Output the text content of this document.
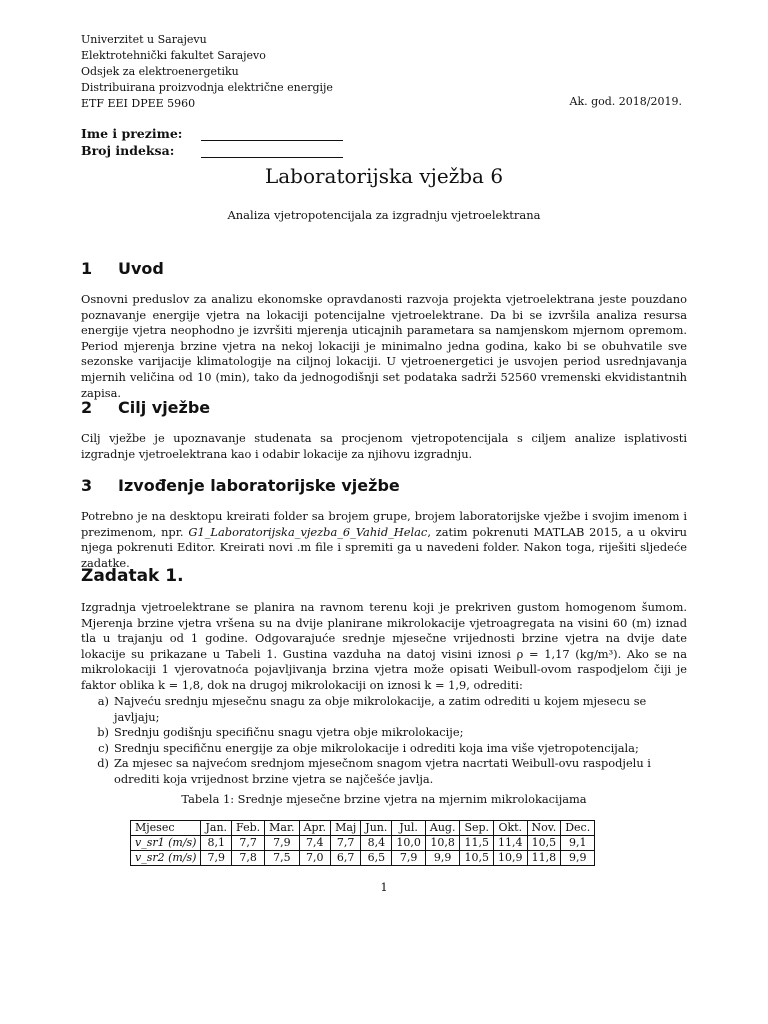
Univerzitet u Sarajevu
Elektrotehnički fakultet Sarajevo
Odsjek za elektroenergetiku
Distribuirana proizvodnja električne energije
ETF EEI DPEE 5960	Ak. god. 2018/2019.
Ime i prezime:
Broj indeksa:
Laboratorijska vježba 6
Analiza vjetropotencijala za izgradnju vjetroelektrana
1 Uvod
Osnovni preduslov za analizu ekonomske opravdanosti razvoja projekta vjetroelektrana jeste pouzdano poznavanje energije vjetra na lokaciji potencijalne vjetroelektrane. Da bi se izvršila analiza resursa energije vjetra neophodno je izvršiti mjerenja uticajnih parametara sa namjenskom mjernom opremom. Period mjerenja brzine vjetra na nekoj lokaciji je minimalno jedna godina, kako bi se obuhvatile sve sezonske varijacije klimatologije na ciljnoj lokaciji. U vjetroenergetici je usvojen period usrednjavanja mjernih veličina od 10 (min), tako da jednogodišnji set podataka sadrži 52560 vremenski ekvidistantnih zapisa.
2 Cilj vježbe
Cilj vježbe je upoznavanje studenata sa procjenom vjetropotencijala s ciljem analize isplativosti izgradnje vjetroelektrana kao i odabir lokacije za njihovu izgradnju.
3 Izvođenje laboratorijske vježbe
Potrebno je na desktopu kreirati folder sa brojem grupe, brojem laboratorijske vježbe i svojim imenom i prezimenom, npr. G1_Laboratorijska_vjezba_6_Vahid_Helac, zatim pokrenuti MATLAB 2015, a u okviru njega pokrenuti Editor. Kreirati novi .m file i spremiti ga u navedeni folder. Nakon toga, riješiti sljedeće zadatke.
Zadatak 1.
Izgradnja vjetroelektrane se planira na ravnom terenu koji je prekriven gustom homogenom šumom. Mjerenja brzine vjetra vršena su na dvije planirane mikrolokacije vjetroagregata na visini 60 (m) iznad tla u trajanju od 1 godine. Odgovarajuće srednje mjesečne vrijednosti brzine vjetra na dvije date lokacije su prikazane u Tabeli 1. Gustina vazduha na datoj visini iznosi ρ = 1,17 (kg/m³). Ako se na mikrolokaciji 1 vjerovatnoća pojavljivanja brzina vjetra može opisati Weibull-ovom raspodjelom čiji je faktor oblika k = 1,8, dok na drugoj mikrolokaciji on iznosi k = 1,9, odrediti:
a) Najveću srednju mjesečnu snagu za obje mikrolokacije, a zatim odrediti u kojem mjesecu se javljaju;
b) Srednju godišnju specifičnu snagu vjetra obje mikrolokacije;
c) Srednju specifičnu energije za obje mikrolokacije i odrediti koja ima više vjetropotencijala;
d) Za mjesec sa najvećom srednjom mjesečnom snagom vjetra nacrtati Weibull-ovu raspodjelu i odrediti koja vrijednost brzine vjetra se najčešće javlja.
Tabela 1: Srednje mjesečne brzine vjetra na mjernim mikrolokacijama
Mjesec	Jan.	Feb.	Mar.	Apr.	Maj	Jun.	Jul.	Aug.	Sep.	Okt.	Nov.	Dec.
v_sr1 (m/s)	8,1	7,7	7,9	7,4	7,7	8,4	10,0	10,8	11,5	11,4	10,5	9,1
v_sr2 (m/s)	7,9	7,8	7,5	7,0	6,7	6,5	7,9	9,9	10,5	10,9	11,8	9,9
1
